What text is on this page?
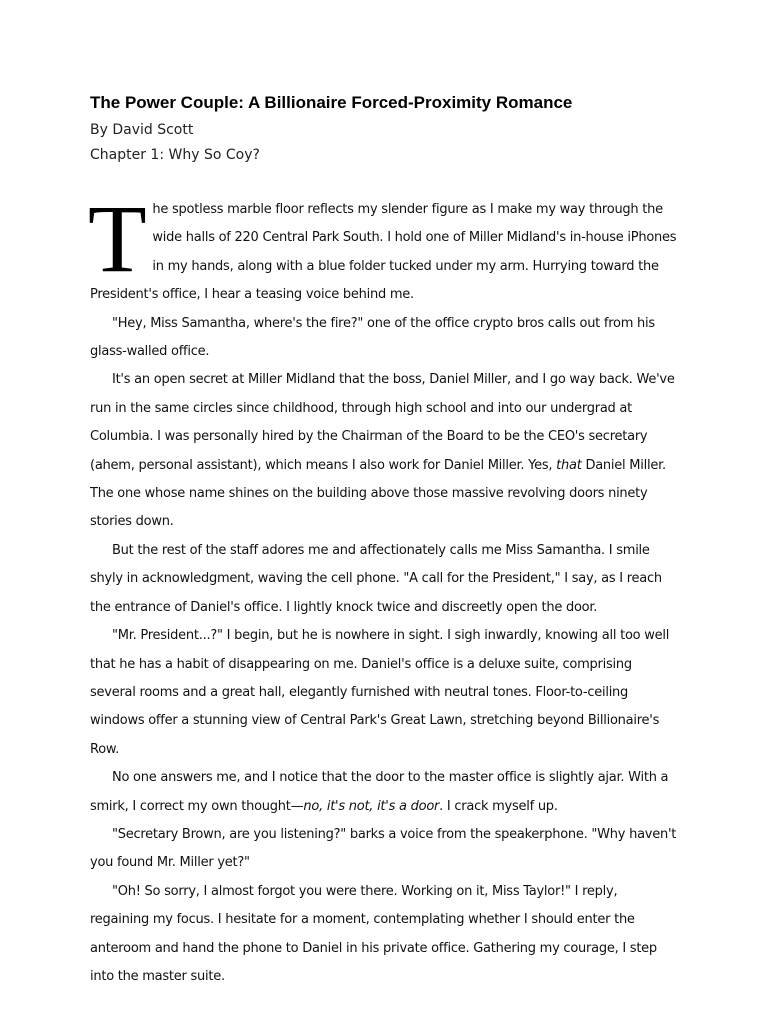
The Power Couple: A Billionaire Forced-Proximity Romance
By David Scott
Chapter 1: Why So Coy?

The spotless marble floor reflects my slender figure as I make my way through the wide halls of 220 Central Park South. I hold one of Miller Midland's in-house iPhones in my hands, along with a blue folder tucked under my arm. Hurrying toward the President's office, I hear a teasing voice behind me.

"Hey, Miss Samantha, where's the fire?" one of the office crypto bros calls out from his glass-walled office.

It's an open secret at Miller Midland that the boss, Daniel Miller, and I go way back. We've run in the same circles since childhood, through high school and into our undergrad at Columbia. I was personally hired by the Chairman of the Board to be the CEO's secretary (ahem, personal assistant), which means I also work for Daniel Miller. Yes, that Daniel Miller. The one whose name shines on the building above those massive revolving doors ninety stories down.

But the rest of the staff adores me and affectionately calls me Miss Samantha. I smile shyly in acknowledgment, waving the cell phone. "A call for the President," I say, as I reach the entrance of Daniel's office. I lightly knock twice and discreetly open the door.

"Mr. President...?" I begin, but he is nowhere in sight. I sigh inwardly, knowing all too well that he has a habit of disappearing on me. Daniel's office is a deluxe suite, comprising several rooms and a great hall, elegantly furnished with neutral tones. Floor-to-ceiling windows offer a stunning view of Central Park's Great Lawn, stretching beyond Billionaire's Row.

No one answers me, and I notice that the door to the master office is slightly ajar. With a smirk, I correct my own thought—no, it's not, it's a door. I crack myself up.

"Secretary Brown, are you listening?" barks a voice from the speakerphone. "Why haven't you found Mr. Miller yet?"

"Oh! So sorry, I almost forgot you were there. Working on it, Miss Taylor!" I reply, regaining my focus. I hesitate for a moment, contemplating whether I should enter the anteroom and hand the phone to Daniel in his private office. Gathering my courage, I step into the master suite.
